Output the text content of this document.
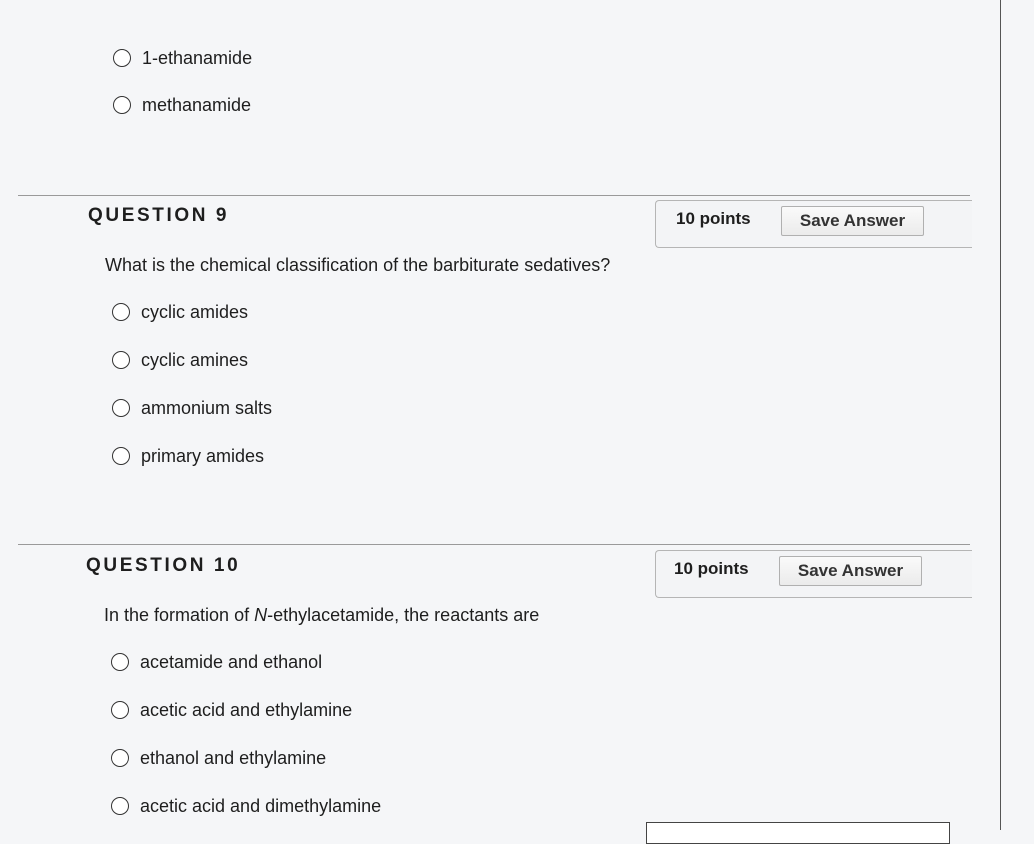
1-ethanamide
methanamide
QUESTION 9	10 points	Save Answer
What is the chemical classification of the barbiturate sedatives?
cyclic amides
cyclic amines
ammonium salts
primary amides
QUESTION 10	10 points	Save Answer
In the formation of N-ethylacetamide, the reactants are
acetamide and ethanol
acetic acid and ethylamine
ethanol and ethylamine
acetic acid and dimethylamine
